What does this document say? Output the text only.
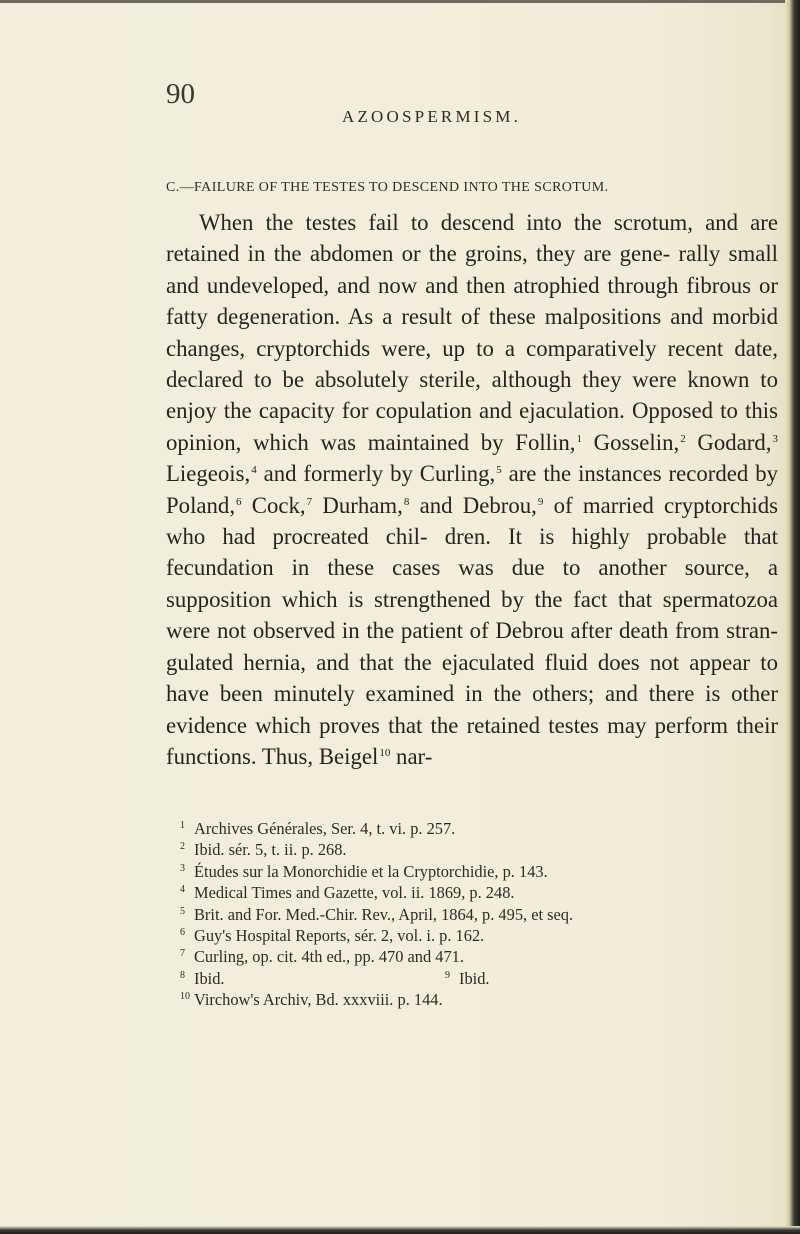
90
AZOOSPERMISM.
C.—FAILURE OF THE TESTES TO DESCEND INTO THE SCROTUM.

When the testes fail to descend into the scrotum, and are retained in the abdomen or the groins, they are gene- rally small and undeveloped, and now and then atrophied through fibrous or fatty degeneration. As a result of these malpositions and morbid changes, cryptorchids were, up to a comparatively recent date, declared to be absolutely sterile, although they were known to enjoy the capacity for copulation and ejaculation. Opposed to this opinion, which was maintained by Follin,$^1$ Gosselin,$^2$ Godard,$^3$ Liegeois,$^4$ and formerly by Curling,$^5$ are the instances recorded by Poland,$^6$ Cock,$^7$ Durham,$^8$ and Debrou,$^9$ of married cryptorchids who had procreated chil- dren. It is highly probable that fecundation in these cases was due to another source, a supposition which is strengthened by the fact that spermatozoa were not observed in the patient of Debrou after death from stran- gulated hernia, and that the ejaculated fluid does not appear to have been minutely examined in the others; and there is other evidence which proves that the retained testes may perform their functions. Thus, Beigel$^{10}$ nar-

1 Archives Générales, Ser. 4, t. vi. p. 257.
2 Ibid. sér. 5, t. ii. p. 268.
3 Études sur la Monorchidie et la Cryptorchidie, p. 143.
4 Medical Times and Gazette, vol. ii. 1869, p. 248.
5 Brit. and For. Med.-Chir. Rev., April, 1864, p. 495, et seq.
6 Guy's Hospital Reports, sér. 2, vol. i. p. 162.
7 Curling, op. cit. 4th ed., pp. 470 and 471.
8 Ibid.	9 Ibid.
10 Virchow's Archiv, Bd. xxxviii. p. 144.
